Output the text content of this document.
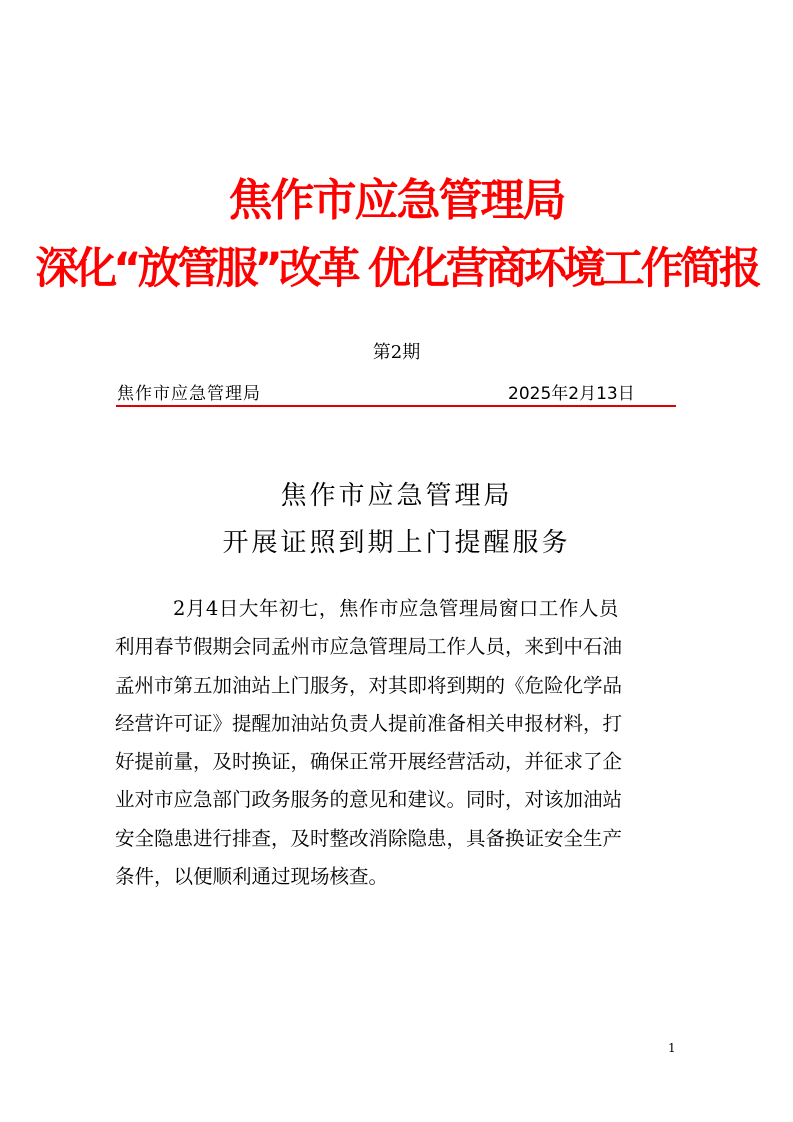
焦作市应急管理局
深化“放管服”改革 优化营商环境工作简报
第2期
焦作市应急管理局	2025年2月13日
焦作市应急管理局
开展证照到期上门提醒服务
2月4日大年初七，焦作市应急管理局窗口工作人员
利用春节假期会同孟州市应急管理局工作人员，来到中石油
孟州市第五加油站上门服务，对其即将到期的《危险化学品
经营许可证》提醒加油站负责人提前准备相关申报材料，打
好提前量，及时换证，确保正常开展经营活动，并征求了企
业对市应急部门政务服务的意见和建议。同时，对该加油站
安全隐患进行排查，及时整改消除隐患，具备换证安全生产
条件，以便顺利通过现场核查。
1
